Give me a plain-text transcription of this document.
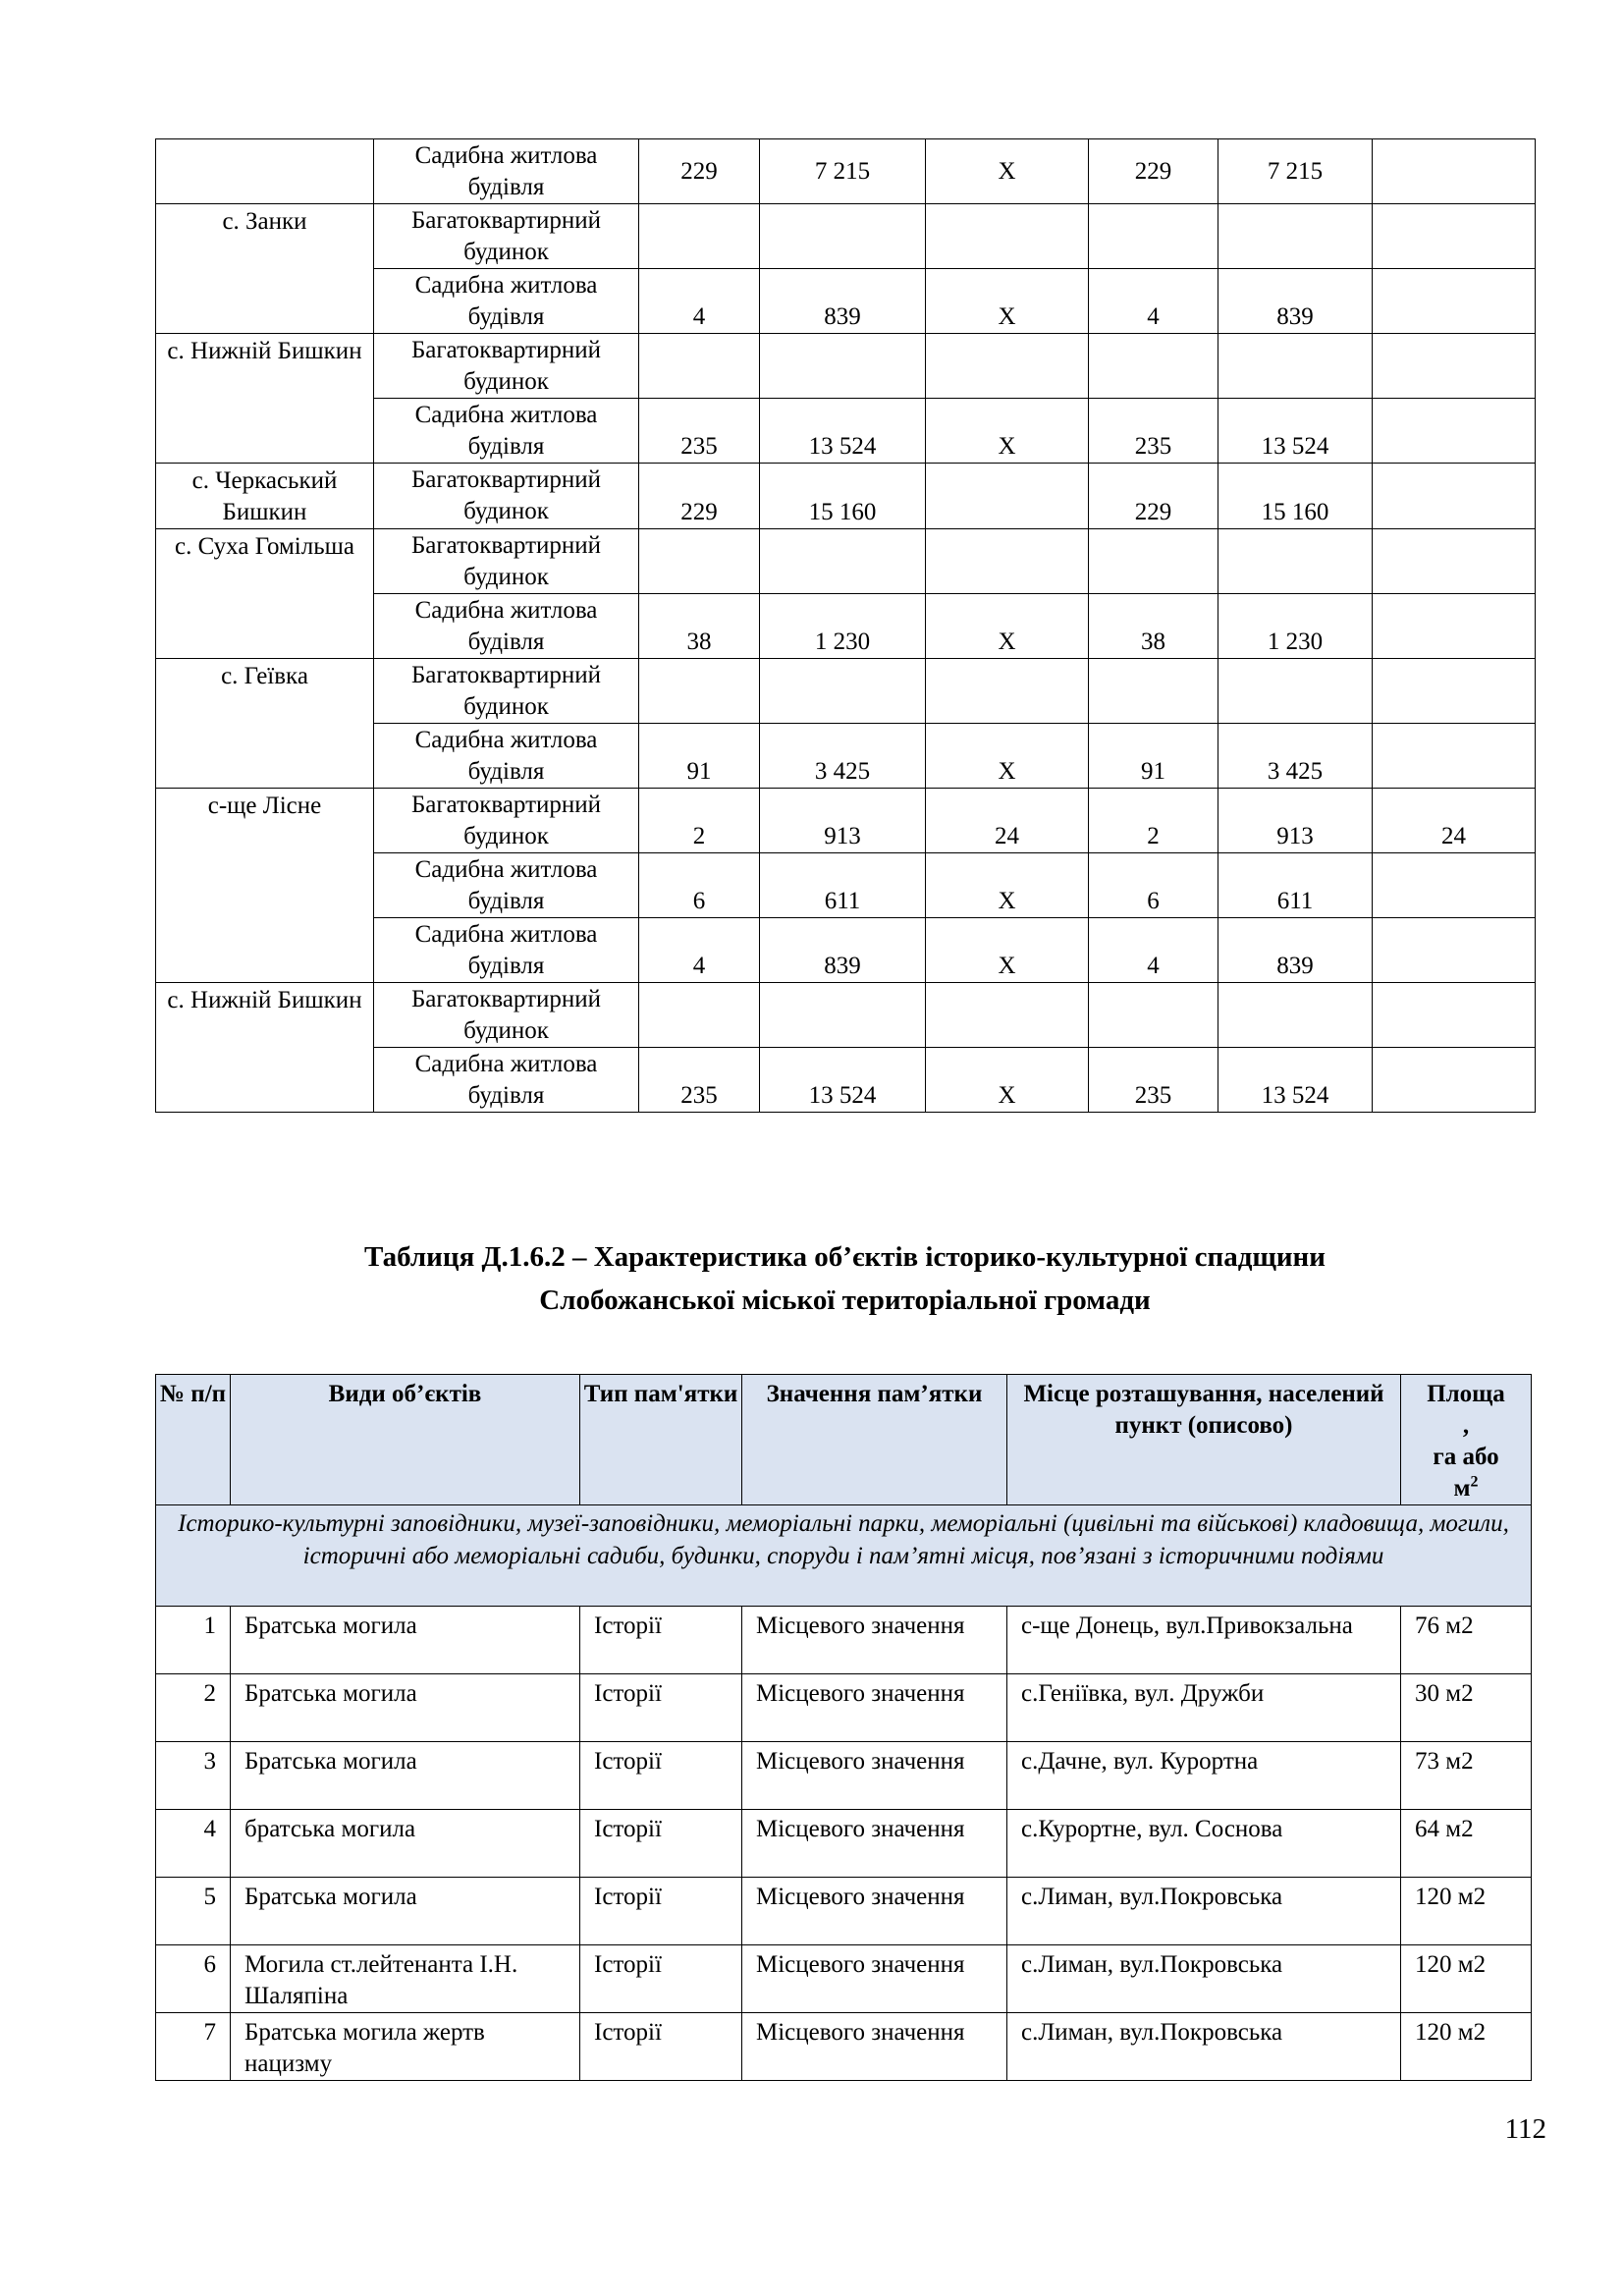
	Садибна житлова будівля	229	7 215	Х	229	7 215	
с. Занки	Багатоквартирний будинок						
	Садибна житлова будівля	4	839	Х	4	839	
с. Нижній Бишкин	Багатоквартирний будинок						
	Садибна житлова будівля	235	13 524	Х	235	13 524	
с. Черкаський Бишкин	Багатоквартирний будинок	229	15 160		229	15 160	
с. Суха Гомільша	Багатоквартирний будинок						
	Садибна житлова будівля	38	1 230	Х	38	1 230	
с. Геївка	Багатоквартирний будинок						
	Садибна житлова будівля	91	3 425	Х	91	3 425	
с-ще Лісне	Багатоквартирний будинок	2	913	24	2	913	24
	Садибна житлова будівля	6	611	Х	6	611	
	Садибна житлова будівля	4	839	Х	4	839	
с. Нижній Бишкин	Багатоквартирний будинок						
	Садибна житлова будівля	235	13 524	Х	235	13 524	
Таблиця Д.1.6.2 – Характеристика об’єктів історико-культурної спадщини
Слобожанської міської територіальної громади
№ п/п	Види об’єктів	Тип пам'ятки	Значення пам’ятки	Місце розташування, населений пункт (описово)	Площа
,
га або
$м^2$

Історико-культурні заповідники, музеї-заповідники, меморіальні парки, меморіальні (цивільні та військові) кладовища, могили, історичні або меморіальні садиби, будинки, споруди і пам’ятні місця, пов’язані з історичними подіями					
1	Братська могила	Історії	Місцевого значення	с-ще Донець, вул.Привокзальна	76 м2
2	Братська могила	Історії	Місцевого значення	с.Геніївка, вул. Дружби	30 м2
3	Братська могила	Історії	Місцевого значення	с.Дачне, вул. Курортна	73 м2
4	братська могила	Історії	Місцевого значення	с.Курортне, вул. Соснова	64 м2
5	Братська могила	Історії	Місцевого значення	с.Лиман, вул.Покровська	120 м2
6	Могила ст.лейтенанта І.Н. Шаляпіна	Історії	Місцевого значення	с.Лиман, вул.Покровська	120 м2
7	Братська могила жертв нацизму	Історії	Місцевого значення	с.Лиман, вул.Покровська	120 м2
112
